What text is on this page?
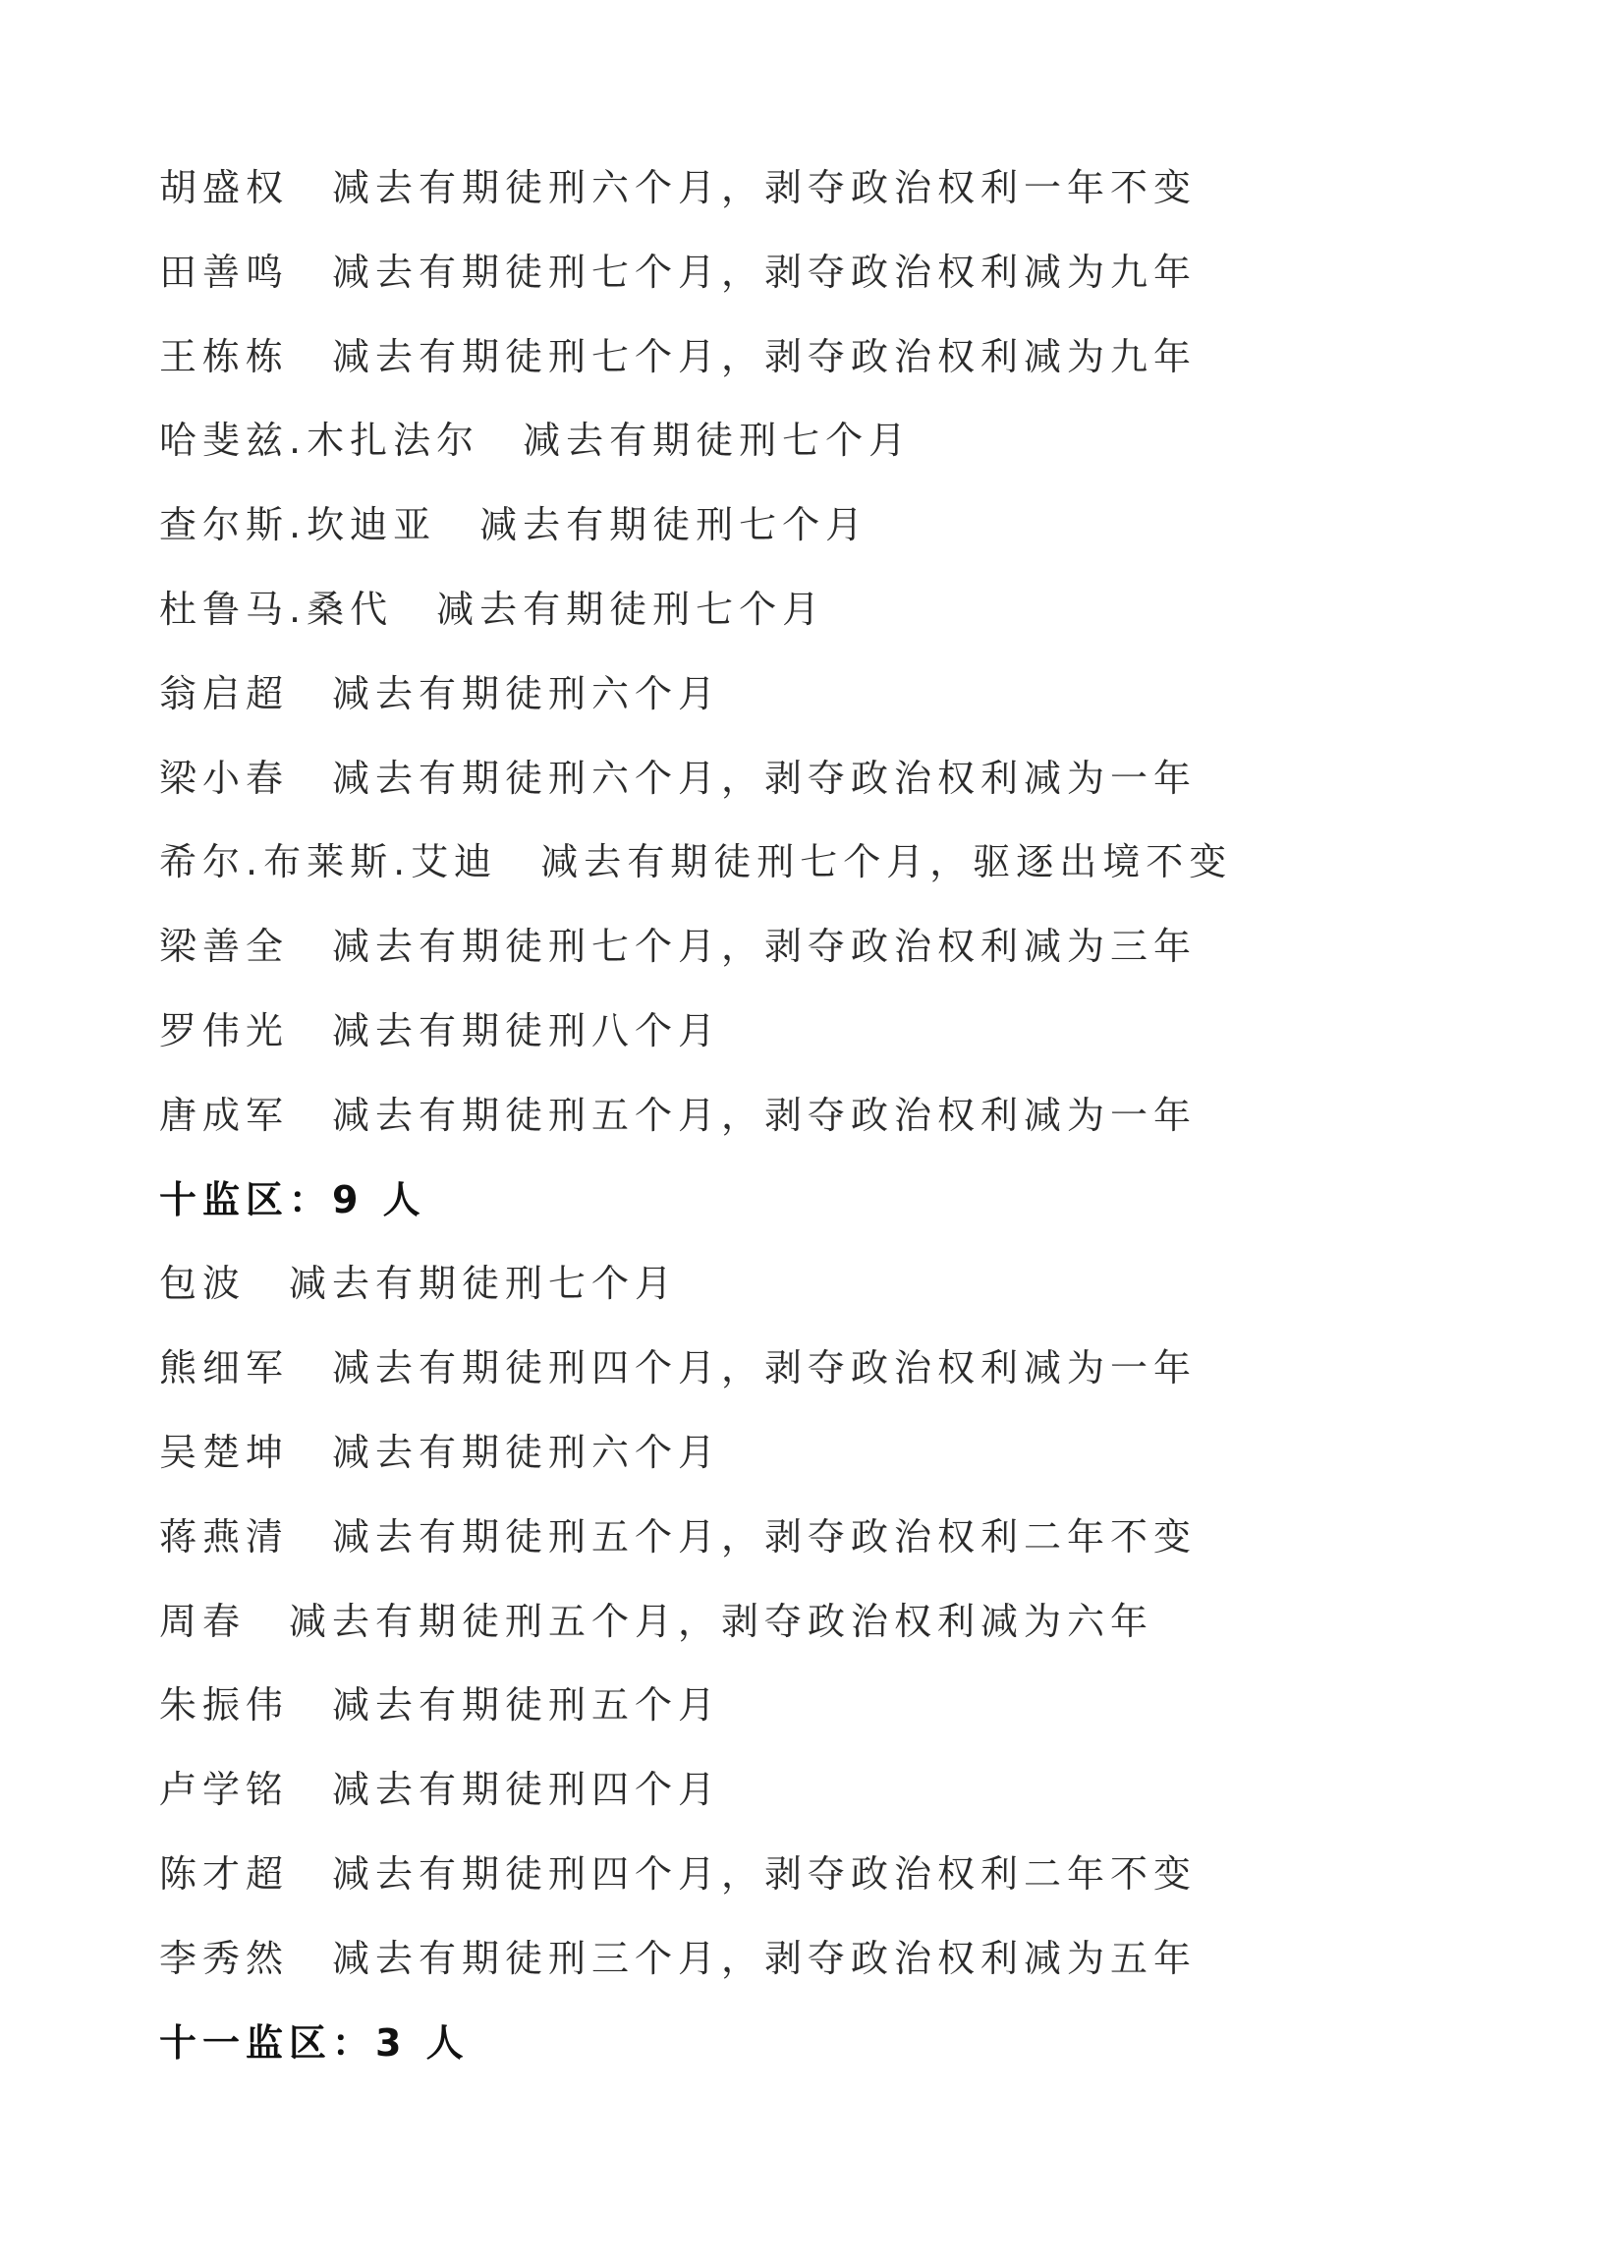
胡盛权　 减去有期徒刑六个月，剥夺政治权利一年不变
田善鸣　 减去有期徒刑七个月，剥夺政治权利减为九年
王栋栋　 减去有期徒刑七个月，剥夺政治权利减为九年
哈斐兹.木扎法尔　 减去有期徒刑七个月
查尔斯.坎迪亚　 减去有期徒刑七个月
杜鲁马.桑代　 减去有期徒刑七个月
翁启超　 减去有期徒刑六个月
梁小春　 减去有期徒刑六个月，剥夺政治权利减为一年
希尔.布莱斯.艾迪　 减去有期徒刑七个月，驱逐出境不变
梁善全　 减去有期徒刑七个月，剥夺政治权利减为三年
罗伟光　 减去有期徒刑八个月
唐成军　 减去有期徒刑五个月，剥夺政治权利减为一年
十监区：9 人
包波　 减去有期徒刑七个月
熊细军　 减去有期徒刑四个月，剥夺政治权利减为一年
吴楚坤　 减去有期徒刑六个月
蒋燕清　 减去有期徒刑五个月，剥夺政治权利二年不变
周春　 减去有期徒刑五个月，剥夺政治权利减为六年
朱振伟　 减去有期徒刑五个月
卢学铭　 减去有期徒刑四个月
陈才超　 减去有期徒刑四个月，剥夺政治权利二年不变
李秀然　 减去有期徒刑三个月，剥夺政治权利减为五年
十一监区：3 人
